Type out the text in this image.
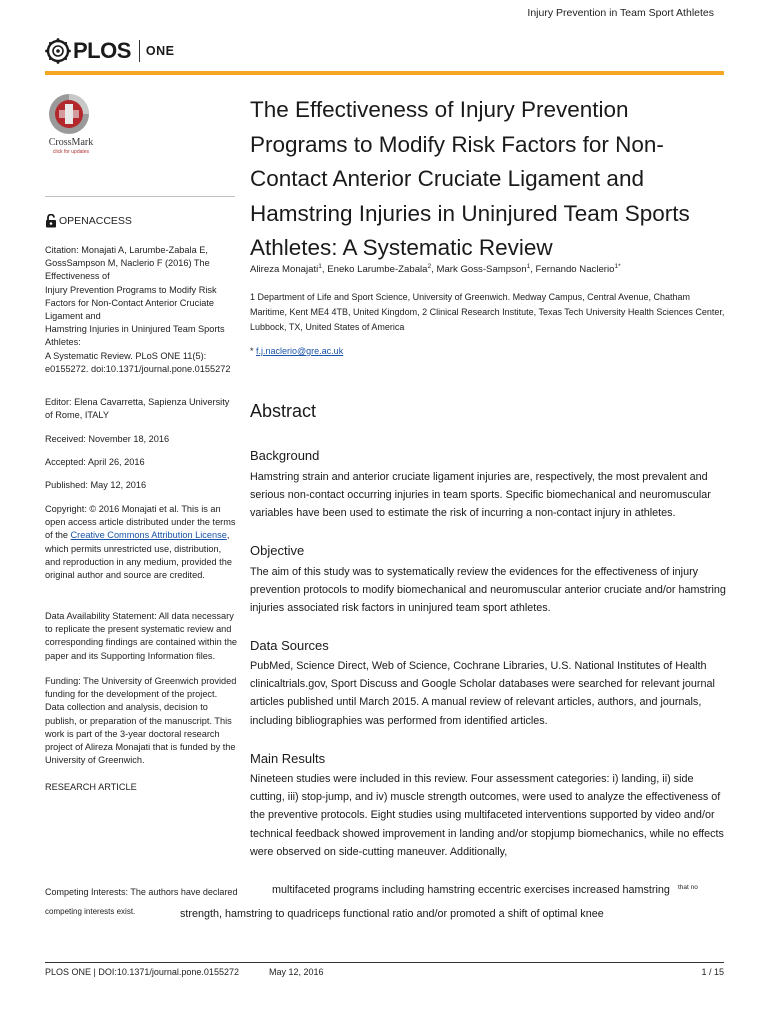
Injury Prevention in Team Sport Athletes
PLOS ONE
CrossMark
click for updates
OPENACCESS

Citation: Monajati A, Larumbe-Zabala E,

GossSampson M, Naclerio F (2016) The

Effectiveness of

Injury Prevention Programs to Modify Risk

Factors for Non-Contact Anterior Cruciate

Ligament and

Hamstring Injuries in Uninjured Team Sports

Athletes:

A Systematic Review. PLoS ONE 11(5):

e0155272. doi:10.1371/journal.pone.0155272

Editor: Elena Cavarretta, Sapienza University of Rome, ITALY
Received: November 18, 2016
Accepted: April 26, 2016
Published: May 12, 2016
Copyright: © 2016 Monajati et al. This is an open access article distributed under the terms of the Creative Commons Attribution License, which permits unrestricted use, distribution, and reproduction in any medium, provided the original author and source are credited.
Data Availability Statement: All data necessary to replicate the present systematic review and corresponding findings are contained within the paper and its Supporting Information files.
Funding: The University of Greenwich provided funding for the development of the project. Data collection and analysis, decision to publish, or preparation of the manuscript. This work is part of the 3-year doctoral research project of Alireza Monajati that is funded by the University of Greenwich.
RESEARCH ARTICLE
The Effectiveness of Injury Prevention Programs to Modify Risk Factors for Non-Contact Anterior Cruciate Ligament and Hamstring Injuries in Uninjured Team Sports Athletes: A Systematic Review
Alireza Monajati$^1$, Eneko Larumbe-Zabala$^2$, Mark Goss-Sampson$^1$, Fernando Naclerio$^{1*}$
1 Department of Life and Sport Science, University of Greenwich. Medway Campus, Central Avenue, Chatham Maritime, Kent ME4 4TB, United Kingdom, 2 Clinical Research Institute, Texas Tech University Health Sciences Center, Lubbock, TX, United States of America
* f.j.naclerio@gre.ac.uk
Abstract
Background
Hamstring strain and anterior cruciate ligament injuries are, respectively, the most prevalent and serious non-contact occurring injuries in team sports. Specific biomechanical and neuromuscular variables have been used to estimate the risk of incurring a non-contact injury in athletes.
Objective
The aim of this study was to systematically review the evidences for the effectiveness of injury prevention protocols to modify biomechanical and neuromuscular anterior cruciate and/or hamstring injuries associated risk factors in uninjured team sport athletes.
Data Sources
PubMed, Science Direct, Web of Science, Cochrane Libraries, U.S. National Institutes of Health clinicaltrials.gov, Sport Discuss and Google Scholar databases were searched for relevant journal articles published until March 2015. A manual review of relevant articles, authors, and journals, including bibliographies was performed from identified articles.
Main Results
Nineteen studies were included in this review. Four assessment categories: i) landing, ii) side cutting, iii) stop-jump, and iv) muscle strength outcomes, were used to analyze the effectiveness of the preventive protocols. Eight studies using multifaceted interventions supported by video and/or technical feedback showed improvement in landing and/or stopjump biomechanics, while no effects were observed on side-cutting maneuver. Additionally,
Competing Interests: The authors have declared
competing interests exist.
multifaceted programs including hamstring eccentric exercises increased hamstring that no
strength, hamstring to quadriceps functional ratio and/or promoted a shift of optimal knee
PLOS ONE | DOI:10.1371/journal.pone.0155272	May 12, 2016	1 / 15
